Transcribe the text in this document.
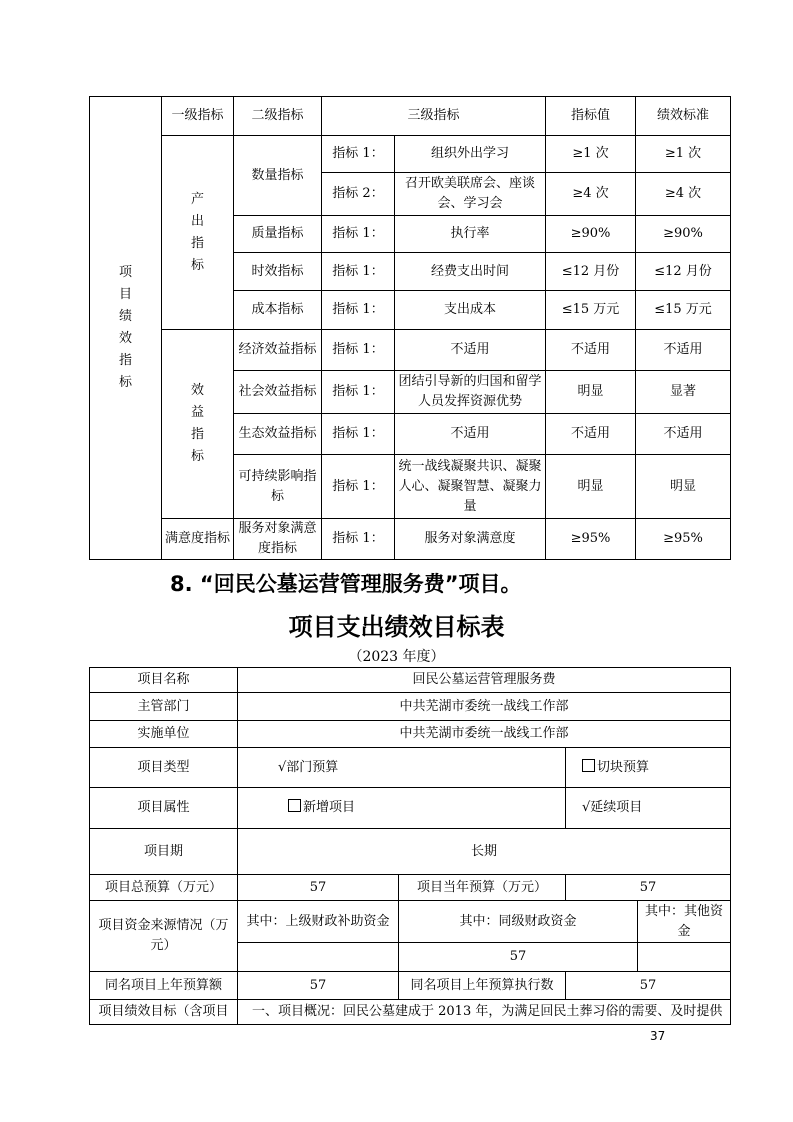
项目绩效指标	一级指标	二级指标	三级指标		指标值	绩效标准

	产出指标	数量指标	指标 1：	组织外出学习	≥1 次	≥1 次
			指标 2：	召开欧美联席会、座谈会、学习会	≥4 次	≥4 次
		质量指标	指标 1：	执行率	≥90%	≥90%
		时效指标	指标 1：	经费支出时间	≤12 月份	≤12 月份
		成本指标	指标 1：	支出成本	≤15 万元	≤15 万元

	效益指标	经济效益指标	指标 1：	不适用	不适用	不适用
		社会效益指标	指标 1：	团结引导新的归国和留学人员发挥资源优势	明显	显著
		生态效益指标	指标 1：	不适用	不适用	不适用
		可持续影响指标	指标 1：	统一战线凝聚共识、凝聚人心、凝聚智慧、凝聚力量	明显	明显
	满意度指标	服务对象满意度指标	指标 1：	服务对象满意度	≥95%	≥95%
8. “回民公墓运营管理服务费”项目。
项目支出绩效目标表
（2023 年度）
项目名称	回民公墓运营管理服务费			
主管部门	中共芜湖市委统一战线工作部			
实施单位	中共芜湖市委统一战线工作部			
项目类型	√部门预算		切块预算	
项目属性	新增项目		√延续项目	
项目期	长期			
项目总预算（万元）	57	项目当年预算（万元）	57	
项目资金来源情况（万元）	其中：上级财政补助资金	其中：同级财政资金		其中：其他资金
		57		
同名项目上年预算额	57	同名项目上年预算执行数	57	
项目绩效目标（含项目	一、项目概况：回民公墓建成于 2013 年，为满足回民土葬习俗的需要、及时提供			
37
